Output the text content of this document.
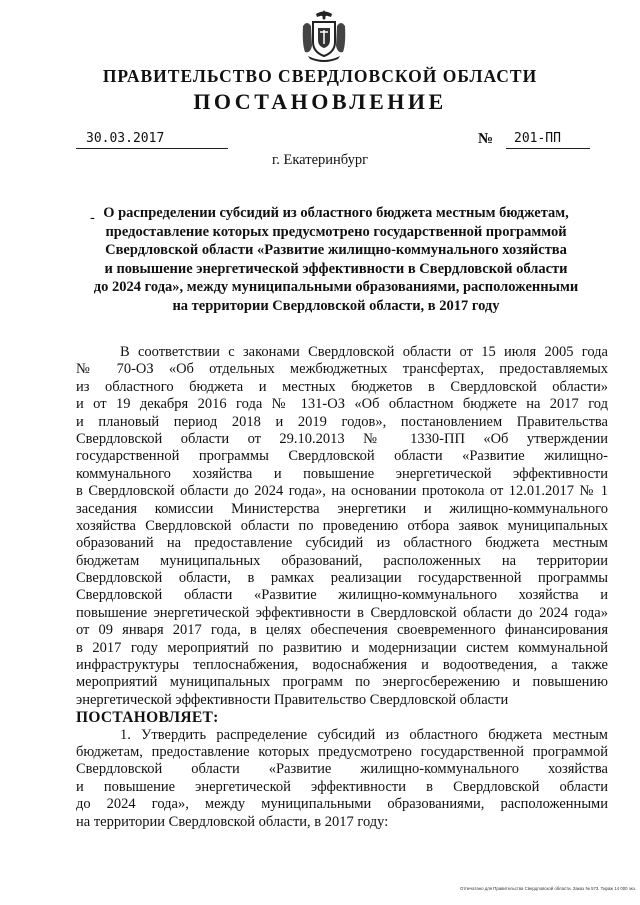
ПРАВИТЕЛЬСТВО СВЕРДЛОВСКОЙ ОБЛАСТИ
ПОСТАНОВЛЕНИЕ
30.03.2017	№	201-ПП
г. Екатеринбург
- О распределении субсидий из областного бюджета местным бюджетам,
предоставление которых предусмотрено государственной программой
Свердловской области «Развитие жилищно-коммунального хозяйства
и повышение энергетической эффективности в Свердловской области
до 2024 года», между муниципальными образованиями, расположенными
на территории Свердловской области, в 2017 году
В соответствии с законами Свердловской области от 15 июля 2005 года
№ 70-ОЗ «Об отдельных межбюджетных трансфертах, предоставляемых
из областного бюджета и местных бюджетов в Свердловской области»
и от 19 декабря 2016 года № 131-ОЗ «Об областном бюджете на 2017 год
и плановый период 2018 и 2019 годов», постановлением Правительства
Свердловской области от 29.10.2013 № 1330-ПП «Об утверждении
государственной программы Свердловской области «Развитие жилищно-
коммунального хозяйства и повышение энергетической эффективности
в Свердловской области до 2024 года», на основании протокола от 12.01.2017 № 1
заседания комиссии Министерства энергетики и жилищно-коммунального
хозяйства Свердловской области по проведению отбора заявок муниципальных
образований на предоставление субсидий из областного бюджета местным
бюджетам муниципальных образований, расположенных на территории
Свердловской области, в рамках реализации государственной программы
Свердловской области «Развитие жилищно-коммунального хозяйства и
повышение энергетической эффективности в Свердловской области до 2024 года»
от 09 января 2017 года, в целях обеспечения своевременного финансирования
в 2017 году мероприятий по развитию и модернизации систем коммунальной
инфраструктуры теплоснабжения, водоснабжения и водоотведения, а также
мероприятий муниципальных программ по энергосбережению и повышению
энергетической эффективности Правительство Свердловской области
ПОСТАНОВЛЯЕТ:
1. Утвердить распределение субсидий из областного бюджета местным
бюджетам, предоставление которых предусмотрено государственной программой
Свердловской области «Развитие жилищно-коммунального хозяйства
и повышение энергетической эффективности в Свердловской области
до 2024 года», между муниципальными образованиями, расположенными
на территории Свердловской области, в 2017 году:
Отпечатано для Правительства Свердловской области. Заказ № 573. Тираж 14 000 экз.
